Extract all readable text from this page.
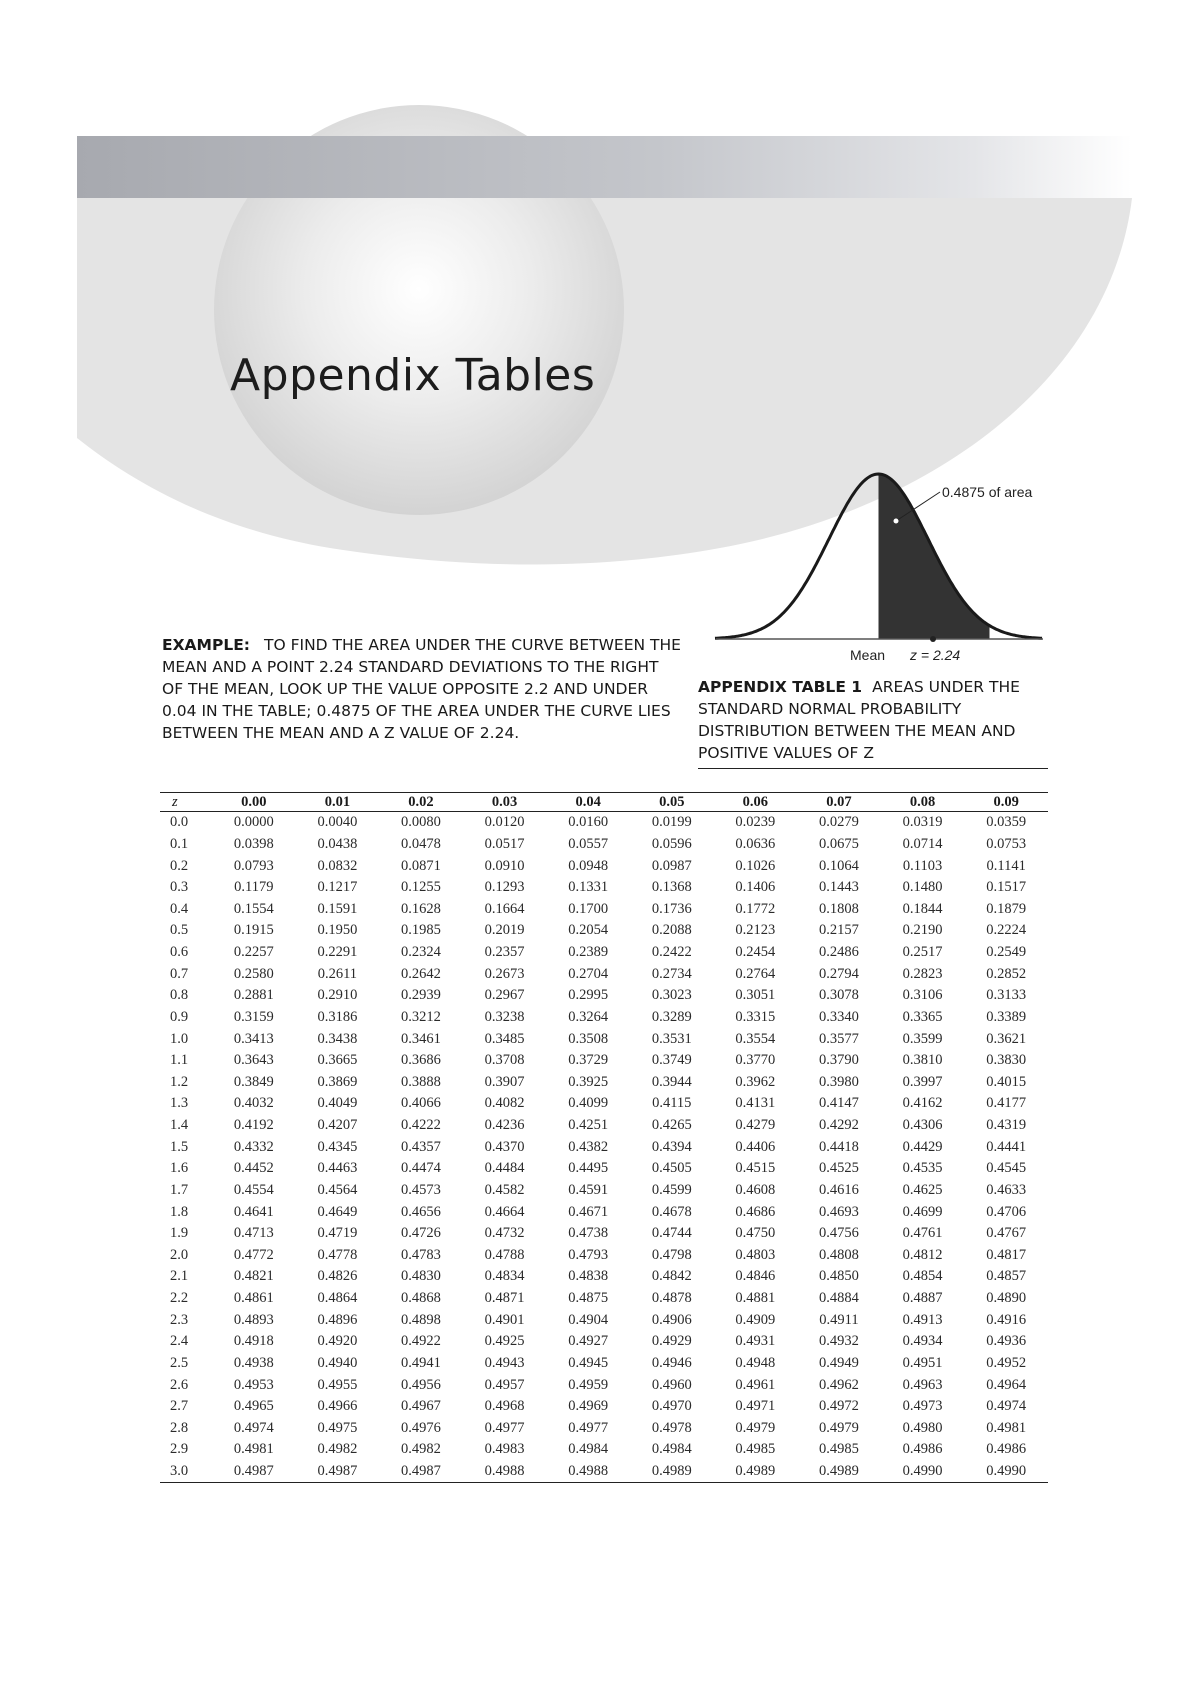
Appendix Tables
EXAMPLE: TO FIND THE AREA UNDER THE CURVE BETWEEN THE MEAN AND A POINT 2.24 STANDARD DEVIATIONS TO THE RIGHT OF THE MEAN, LOOK UP THE VALUE OPPOSITE 2.2 AND UNDER 0.04 IN THE TABLE; 0.4875 OF THE AREA UNDER THE CURVE LIES BETWEEN THE MEAN AND A Z VALUE OF 2.24.
0.4875 of area
Mean z = 2.24
APPENDIX TABLE 1 AREAS UNDER THE STANDARD NORMAL PROBABILITY DISTRIBUTION BETWEEN THE MEAN AND POSITIVE VALUES OF Z
z	0.00	0.01	0.02	0.03	0.04	0.05	0.06	0.07	0.08	0.09
0.0	0.0000	0.0040	0.0080	0.0120	0.0160	0.0199	0.0239	0.0279	0.0319	0.0359
0.1	0.0398	0.0438	0.0478	0.0517	0.0557	0.0596	0.0636	0.0675	0.0714	0.0753
0.2	0.0793	0.0832	0.0871	0.0910	0.0948	0.0987	0.1026	0.1064	0.1103	0.1141
0.3	0.1179	0.1217	0.1255	0.1293	0.1331	0.1368	0.1406	0.1443	0.1480	0.1517
0.4	0.1554	0.1591	0.1628	0.1664	0.1700	0.1736	0.1772	0.1808	0.1844	0.1879
0.5	0.1915	0.1950	0.1985	0.2019	0.2054	0.2088	0.2123	0.2157	0.2190	0.2224
0.6	0.2257	0.2291	0.2324	0.2357	0.2389	0.2422	0.2454	0.2486	0.2517	0.2549
0.7	0.2580	0.2611	0.2642	0.2673	0.2704	0.2734	0.2764	0.2794	0.2823	0.2852
0.8	0.2881	0.2910	0.2939	0.2967	0.2995	0.3023	0.3051	0.3078	0.3106	0.3133
0.9	0.3159	0.3186	0.3212	0.3238	0.3264	0.3289	0.3315	0.3340	0.3365	0.3389
1.0	0.3413	0.3438	0.3461	0.3485	0.3508	0.3531	0.3554	0.3577	0.3599	0.3621
1.1	0.3643	0.3665	0.3686	0.3708	0.3729	0.3749	0.3770	0.3790	0.3810	0.3830
1.2	0.3849	0.3869	0.3888	0.3907	0.3925	0.3944	0.3962	0.3980	0.3997	0.4015
1.3	0.4032	0.4049	0.4066	0.4082	0.4099	0.4115	0.4131	0.4147	0.4162	0.4177
1.4	0.4192	0.4207	0.4222	0.4236	0.4251	0.4265	0.4279	0.4292	0.4306	0.4319
1.5	0.4332	0.4345	0.4357	0.4370	0.4382	0.4394	0.4406	0.4418	0.4429	0.4441
1.6	0.4452	0.4463	0.4474	0.4484	0.4495	0.4505	0.4515	0.4525	0.4535	0.4545
1.7	0.4554	0.4564	0.4573	0.4582	0.4591	0.4599	0.4608	0.4616	0.4625	0.4633
1.8	0.4641	0.4649	0.4656	0.4664	0.4671	0.4678	0.4686	0.4693	0.4699	0.4706
1.9	0.4713	0.4719	0.4726	0.4732	0.4738	0.4744	0.4750	0.4756	0.4761	0.4767
2.0	0.4772	0.4778	0.4783	0.4788	0.4793	0.4798	0.4803	0.4808	0.4812	0.4817
2.1	0.4821	0.4826	0.4830	0.4834	0.4838	0.4842	0.4846	0.4850	0.4854	0.4857
2.2	0.4861	0.4864	0.4868	0.4871	0.4875	0.4878	0.4881	0.4884	0.4887	0.4890
2.3	0.4893	0.4896	0.4898	0.4901	0.4904	0.4906	0.4909	0.4911	0.4913	0.4916
2.4	0.4918	0.4920	0.4922	0.4925	0.4927	0.4929	0.4931	0.4932	0.4934	0.4936
2.5	0.4938	0.4940	0.4941	0.4943	0.4945	0.4946	0.4948	0.4949	0.4951	0.4952
2.6	0.4953	0.4955	0.4956	0.4957	0.4959	0.4960	0.4961	0.4962	0.4963	0.4964
2.7	0.4965	0.4966	0.4967	0.4968	0.4969	0.4970	0.4971	0.4972	0.4973	0.4974
2.8	0.4974	0.4975	0.4976	0.4977	0.4977	0.4978	0.4979	0.4979	0.4980	0.4981
2.9	0.4981	0.4982	0.4982	0.4983	0.4984	0.4984	0.4985	0.4985	0.4986	0.4986
3.0	0.4987	0.4987	0.4987	0.4988	0.4988	0.4989	0.4989	0.4989	0.4990	0.4990
